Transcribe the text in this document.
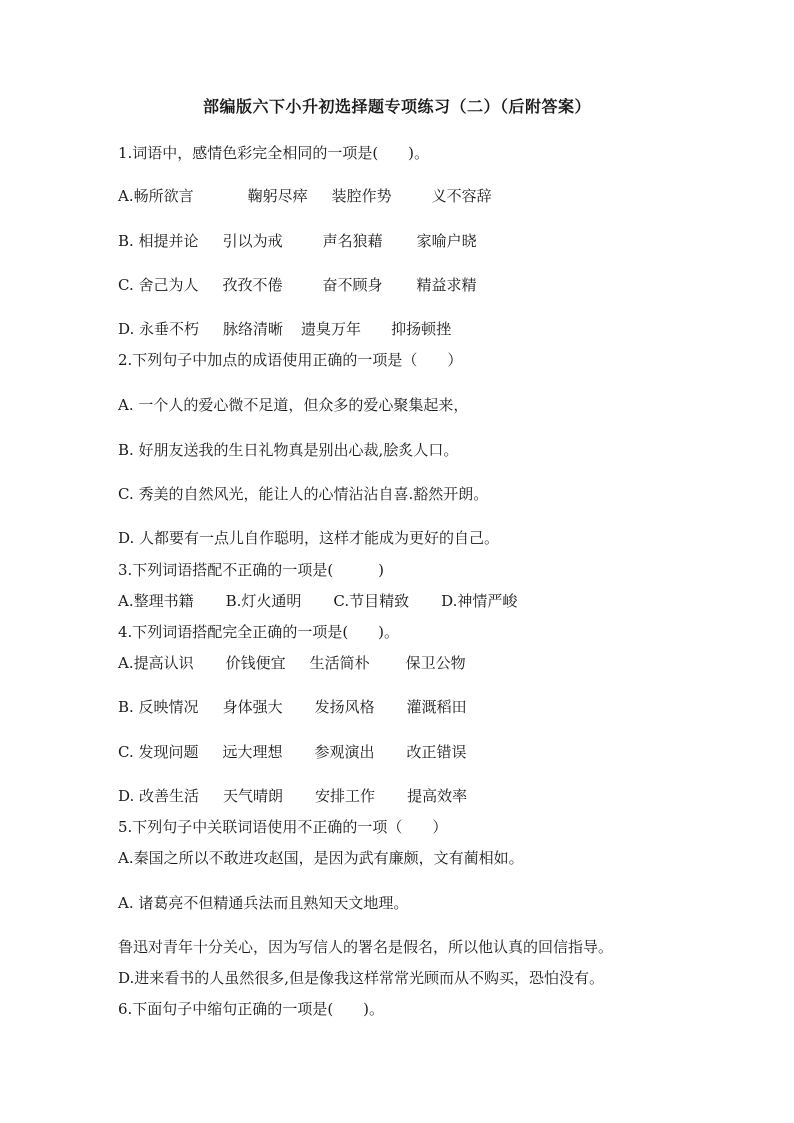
部编版六下小升初选择题专项练习（二）（后附答案）
1.词语中，感情色彩完全相同的一项是(　　)。
A.畅所欲言	鞠躬尽瘁 装腔作势	义不容辞
B. 相提并论 引以为戒	声名狼藉 家喻户晓
C. 舍己为人 孜孜不倦	奋不顾身 精益求精
D. 永垂不朽 脉络清晰 遗臭万年 抑扬顿挫
2.下列句子中加点的成语使用正确的一项是（　　）
A. 一个人的爱心微不足道，但众多的爱心聚集起来，
B. 好朋友送我的生日礼物真是别出心裁,脍炙人口。
C. 秀美的自然风光，能让人的心情沾沾自喜.豁然开朗。
D. 人都要有一点儿自作聪明，这样才能成为更好的自己。
3.下列词语搭配不正确的一项是(　　　)
A.整理书籍 B.灯火通明 C.节目精致 D.神情严峻
4.下列词语搭配完全正确的一项是(　　)。
A.提高认识 价钱便宜 生活简朴 保卫公物
B. 反映情况 身体强大 发扬风格 灌溉稻田
C. 发现问题 远大理想 参观演出 改正错误
D. 改善生活 天气晴朗 安排工作 提高效率
5.下列句子中关联词语使用不正确的一项（　　）
A.秦国之所以不敢进攻赵国，是因为武有廉颇，文有蔺相如。
A. 诸葛亮不但精通兵法而且熟知天文地理。
鲁迅对青年十分关心，因为写信人的署名是假名，所以他认真的回信指导。
D.进来看书的人虽然很多,但是像我这样常常光顾而从不购买，恐怕没有。
6.下面句子中缩句正确的一项是(　　)。
